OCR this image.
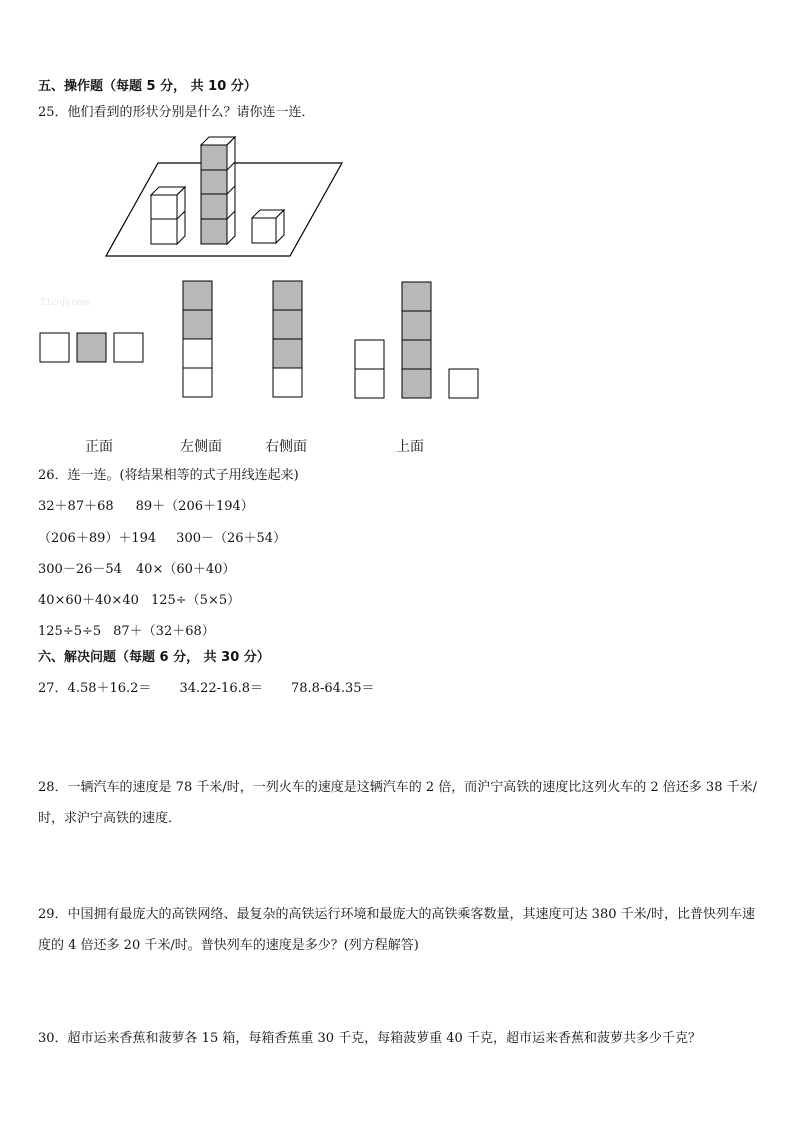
五、操作题（每题 5 分， 共 10 分）
25．他们看到的形状分别是什么？请你连一连．
21cnjy.com
正面	左侧面	右侧面	上面
26．连一连。(将结果相等的式子用线连起来)
32＋87＋68 89＋（206＋194）
（206＋89）＋194 300－（26＋54）
300－26－54 40×（60＋40）
40×60＋40×40 125÷（5×5）
125÷5÷5 87＋（32＋68）
六、解决问题（每题 6 分， 共 30 分）
27．4.58＋16.2＝ 34.22-16.8＝ 78.8-64.35＝
28．一辆汽车的速度是 78 千米/时，一列火车的速度是这辆汽车的 2 倍，而沪宁高铁的速度比这列火车的 2 倍还多 38 千米/时，求沪宁高铁的速度．
29．中国拥有最庞大的高铁网络、最复杂的高铁运行环境和最庞大的高铁乘客数量，其速度可达 380 千米/时，比普快列车速度的 4 倍还多 20 千米/时。普快列车的速度是多少？(列方程解答)
30．超市运来香蕉和菠萝各 15 箱，每箱香蕉重 30 千克，每箱菠萝重 40 千克，超市运来香蕉和菠萝共多少千克？
